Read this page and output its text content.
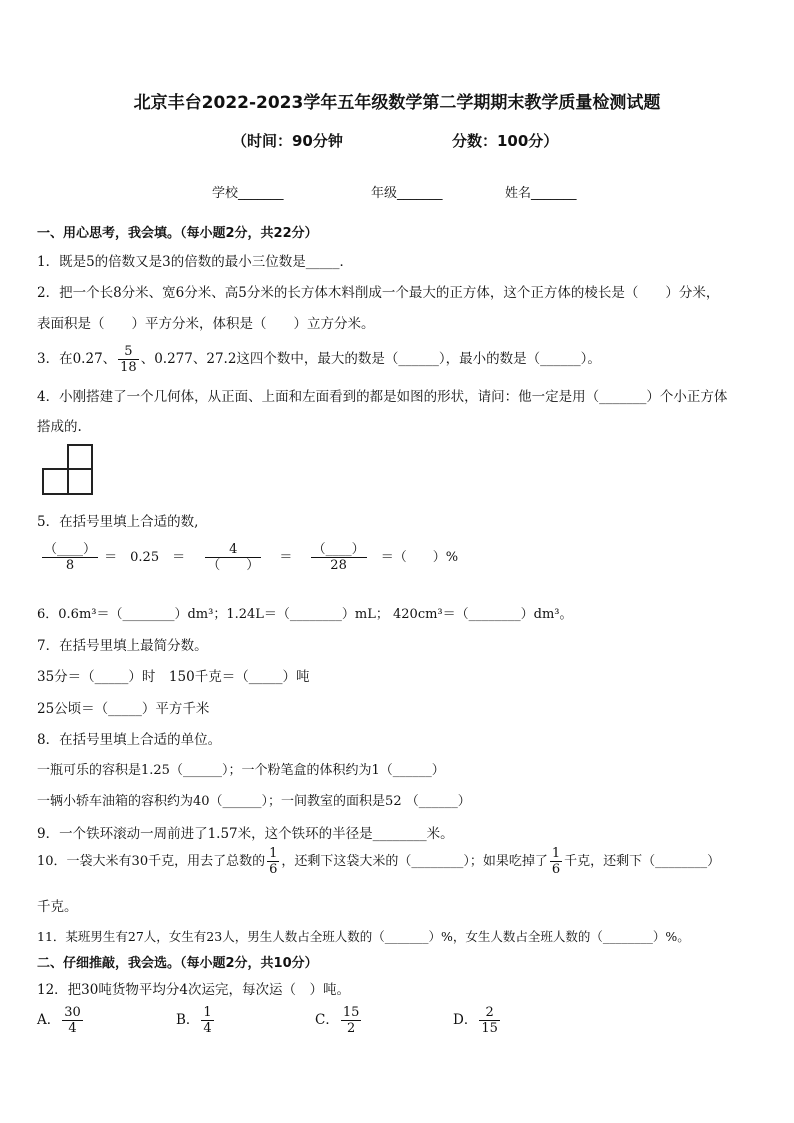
北京丰台2022-2023学年五年级数学第二学期期末教学质量检测试题
（时间：90分钟	分数：100分）
学校_______	年级_______	姓名_______
一、用心思考，我会填。（每小题2分，共22分）
1．既是5的倍数又是3的倍数的最小三位数是_____．
2．把一个长8分米、宽6分米、高5分米的长方体木料削成一个最大的正方体，这个正方体的棱长是（　　）分米，
表面积是（　　）平方分米，体积是（　　）立方分米。
3．在0.2̇7̇、 $\frac{5}{18}$ 、0.277、27.2这四个数中，最大的数是（______），最小的数是（______）。
4．小刚搭建了一个几何体，从正面、上面和左面看到的都是如图的形状，请问：他一定是用（_______）个小正方体
搭成的.
5．在括号里填上合适的数,
$\frac{(\_\_\_\_)}{8}$ ＝　0.25　＝ $\frac{4}{( )} = \frac{(\_\_\_\_)}{28}$ ＝（　　）%
6．0.6m³＝（________）dm³；1.24L＝（________）mL； 420cm³＝（________）dm³。
7．在括号里填上最简分数。
35分＝（_____）时　150千克＝（_____）吨
25公顷＝（_____）平方千米
8．在括号里填上合适的单位。
一瓶可乐的容积是1.25（______）；一个粉笔盒的体积约为1（______）
一辆小轿车油箱的容积约为40（______）；一间教室的面积是52 （______）
9．一个铁环滚动一周前进了1.57米，这个铁环的半径是________米。
10．一袋大米有30千克，用去了总数的 $\frac{1}{6}$ ，还剩下这袋大米的（________）；如果吃掉了 $\frac{1}{6}$ 千克，还剩下（________）
千克。
11．某班男生有27人，女生有23人，男生人数占全班人数的（_______）%，女生人数占全班人数的（________）%。
二、仔细推敲，我会选。（每小题2分，共10分）
12．把30吨货物平均分4次运完，每次运（　）吨。
A． $\frac{30}{4}$	B． $\frac{1}{4}$	C． $\frac{15}{2}$	D． $\frac{2}{15}$
